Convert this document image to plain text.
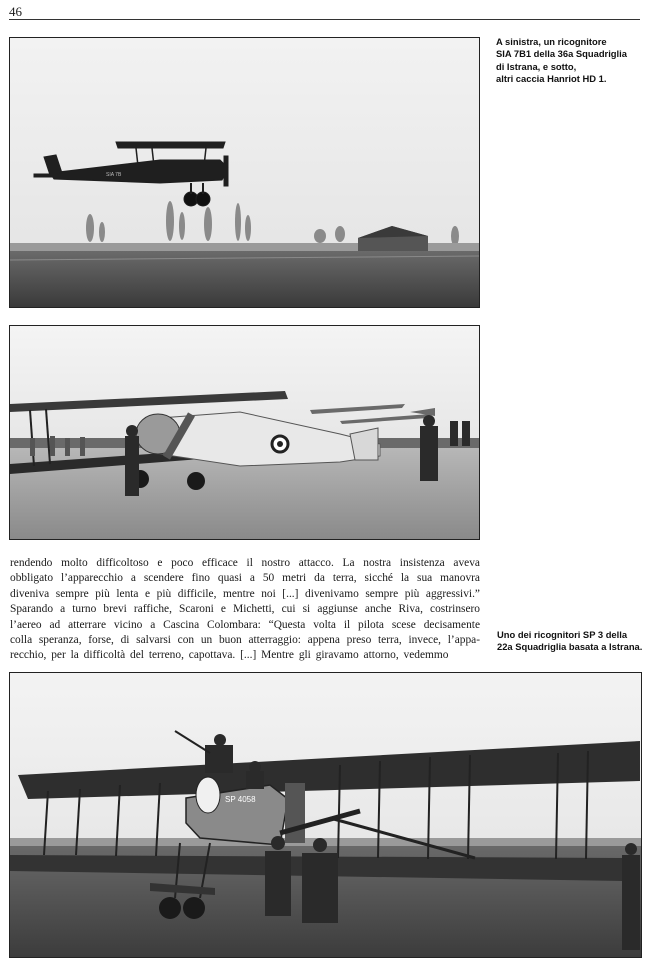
46
SIA 7B
A sinistra, un ricognitore
SIA 7B1 della 36a Squadriglia
di Istrana, e sotto,
altri caccia Hanriot HD 1.
rendendo molto difficoltoso e poco efficace il nostro attacco. La nostra insistenza aveva
obbligato l’apparecchio a scendere fino quasi a 50 metri da terra, sicché la sua manovra
diveniva sempre più lenta e più difficile, mentre noi [...] divenivamo sempre più aggressivi.”
Sparando a turno brevi raffiche, Scaroni e Michetti, cui si aggiunse anche Riva, costrinsero
l’aereo ad atterrare vicino a Cascina Colombara: “Questa volta il pilota scese decisamente
colla speranza, forse, di salvarsi con un buon atterraggio: appena preso terra, invece, l’appa-
recchio, per la difficoltà del terreno, capottava. [...] Mentre gli giravamo attorno, vedemmo
Uno dei ricognitori SP 3 della
22a Squadriglia basata a Istrana.
SP 4058
